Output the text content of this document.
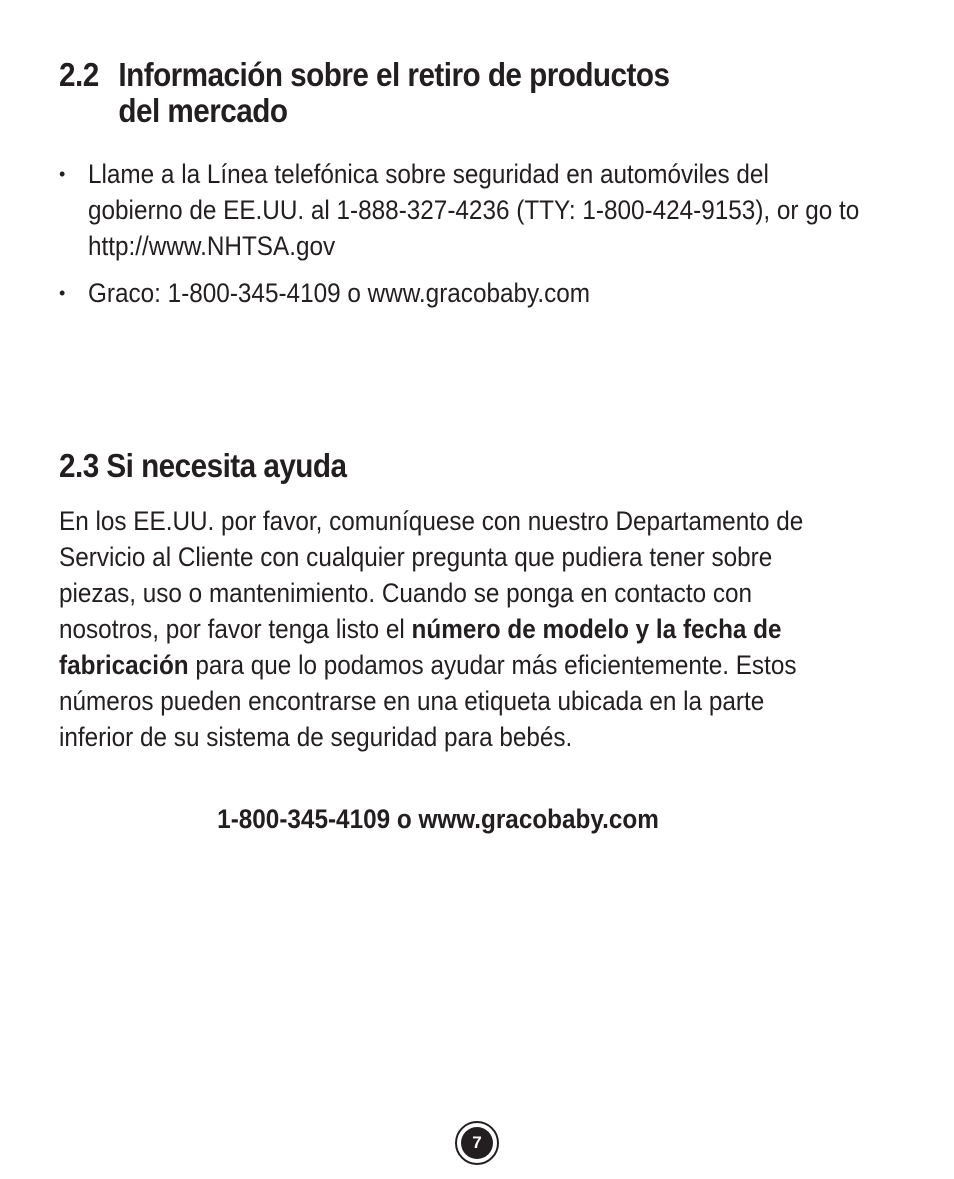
2.2 Información sobre el retiro de productos
del mercado
• Llame a la Línea telefónica sobre seguridad en automóviles del gobierno de EE.UU. al 1-888-327-4236 (TTY: 1-800-424-9153), or go to http://www.NHTSA.gov
• Graco: 1-800-345-4109 o www.gracobaby.com
2.3 Si necesita ayuda

En los EE.UU. por favor, comuníquese con nuestro Departamento de Servicio al Cliente con cualquier pregunta que pudiera tener sobre piezas, uso o mantenimiento. Cuando se ponga en contacto con nosotros, por favor tenga listo el número de modelo y la fecha de fabricación para que lo podamos ayudar más eficientemente. Estos números pueden encontrarse en una etiqueta ubicada en la parte inferior de su sistema de seguridad para bebés.

1-800-345-4109 o www.gracobaby.com

7
